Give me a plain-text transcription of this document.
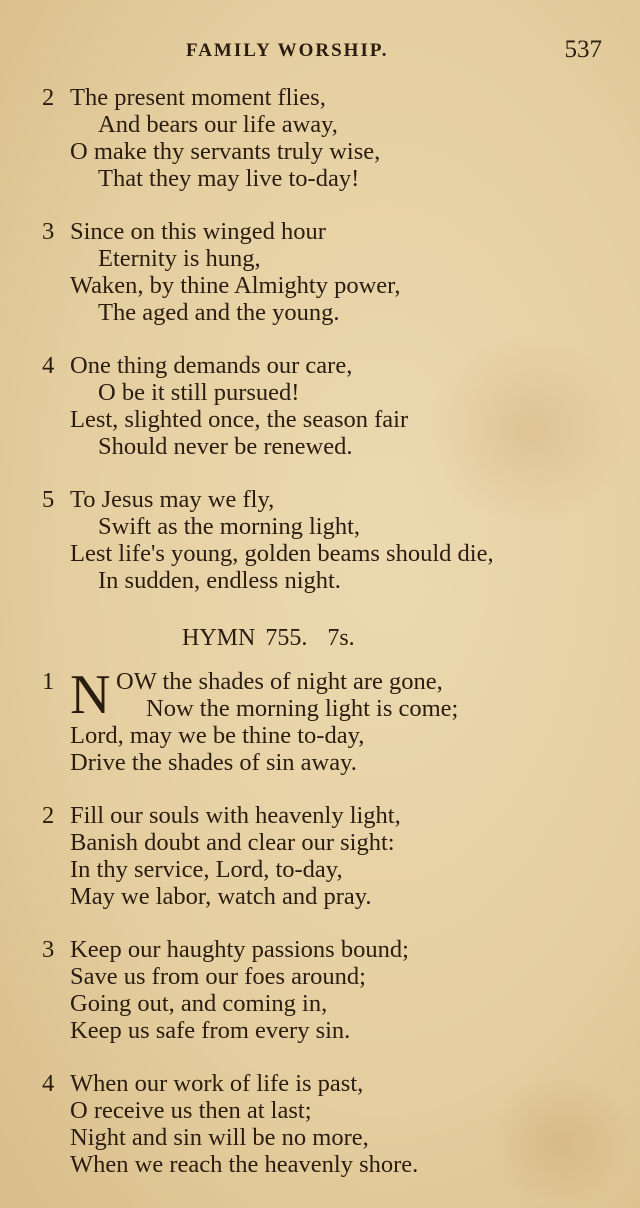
FAMILY WORSHIP.	537
2 The present moment flies,
And bears our life away,
O make thy servants truly wise,
That they may live to-day!
3 Since on this winged hour
Eternity is hung,
Waken, by thine Almighty power,
The aged and the young.
4 One thing demands our care,
O be it still pursued!
Lest, slighted once, the season fair
Should never be renewed.
5 To Jesus may we fly,
Swift as the morning light,
Lest life's young, golden beams should die,
In sudden, endless night.
HYMN 755. 7s.
N
1	OW the shades of night are gone,
Now the morning light is come;
Lord, may we be thine to-day,
Drive the shades of sin away.
2 Fill our souls with heavenly light,
Banish doubt and clear our sight:
In thy service, Lord, to-day,
May we labor, watch and pray.
3 Keep our haughty passions bound;
Save us from our foes around;
Going out, and coming in,
Keep us safe from every sin.
4 When our work of life is past,
O receive us then at last;
Night and sin will be no more,
When we reach the heavenly shore.
